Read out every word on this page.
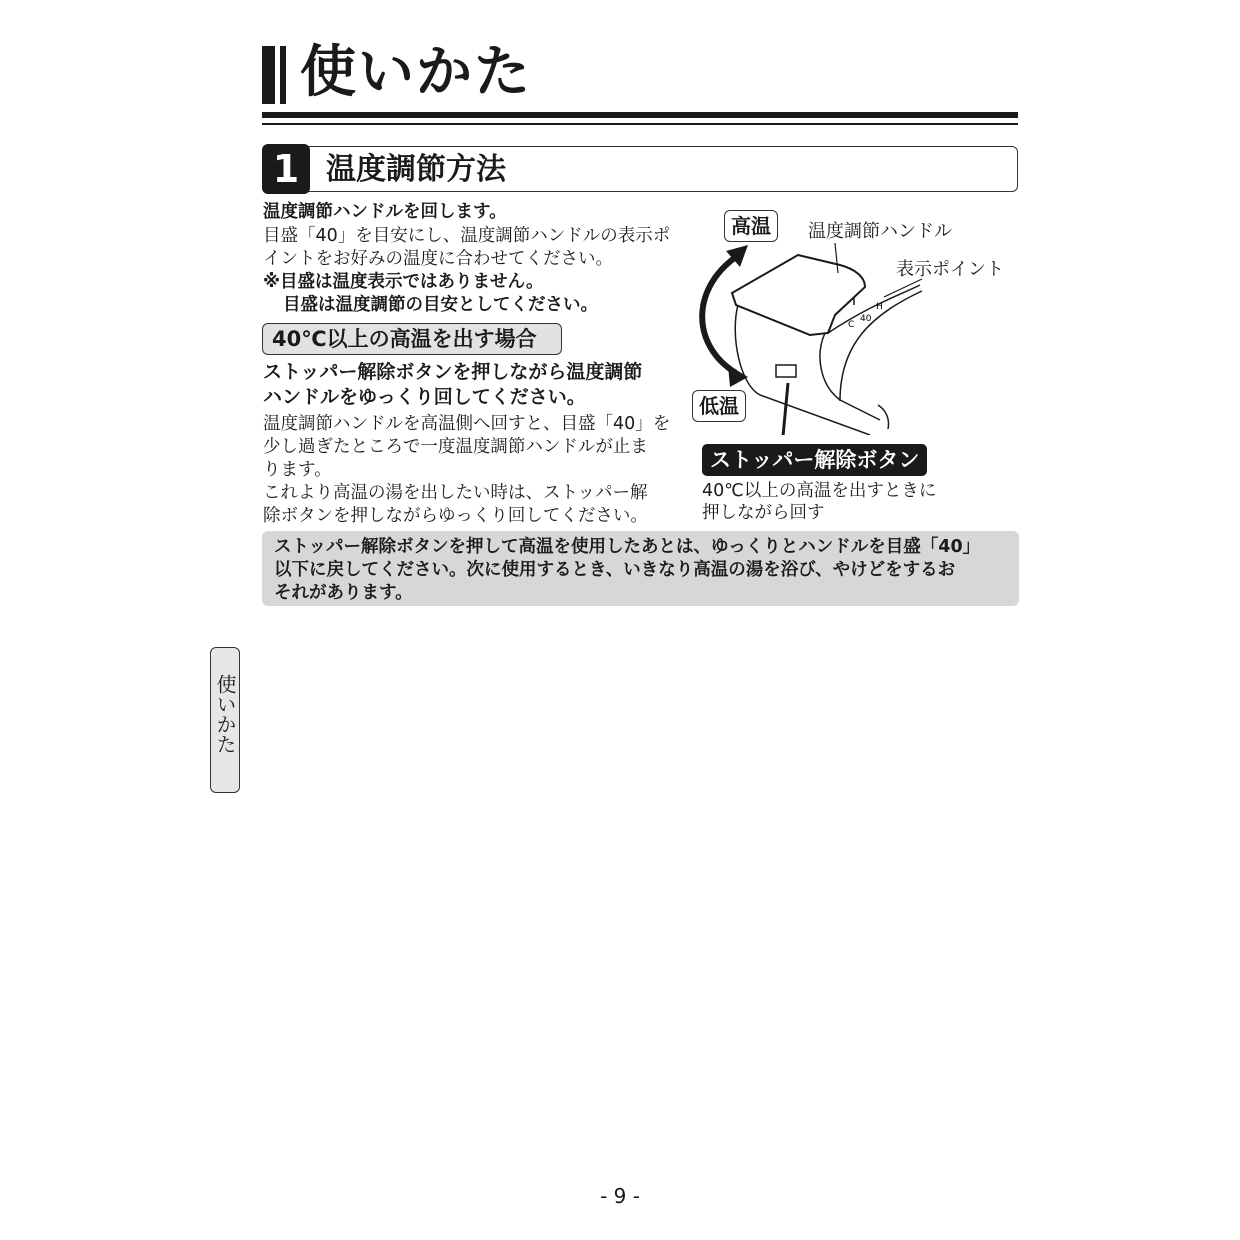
使いかた
1 温度調節方法
温度調節ハンドルを回します。
目盛「40」を目安にし、温度調節ハンドルの表示ポ
イントをお好みの温度に合わせてください。
※目盛は温度表示ではありません。
目盛は温度調節の目安としてください。
40℃以上の高温を出す場合
ストッパー解除ボタンを押しながら温度調節
ハンドルをゆっくり回してください。
温度調節ハンドルを高温側へ回すと、目盛「40」を
少し過ぎたところで一度温度調節ハンドルが止ま
ります。
これより高温の湯を出したい時は、ストッパー解
除ボタンを押しながらゆっくり回してください。
C
40
H
高温
低温
温度調節ハンドル
表示ポイント
ストッパー解除ボタン
40℃以上の高温を出すときに
押しながら回す
ストッパー解除ボタンを押して高温を使用したあとは、ゆっくりとハンドルを目盛「40」
以下に戻してください。次に使用するとき、いきなり高温の湯を浴び、やけどをするお
それがあります。
使いかた
- 9 -
